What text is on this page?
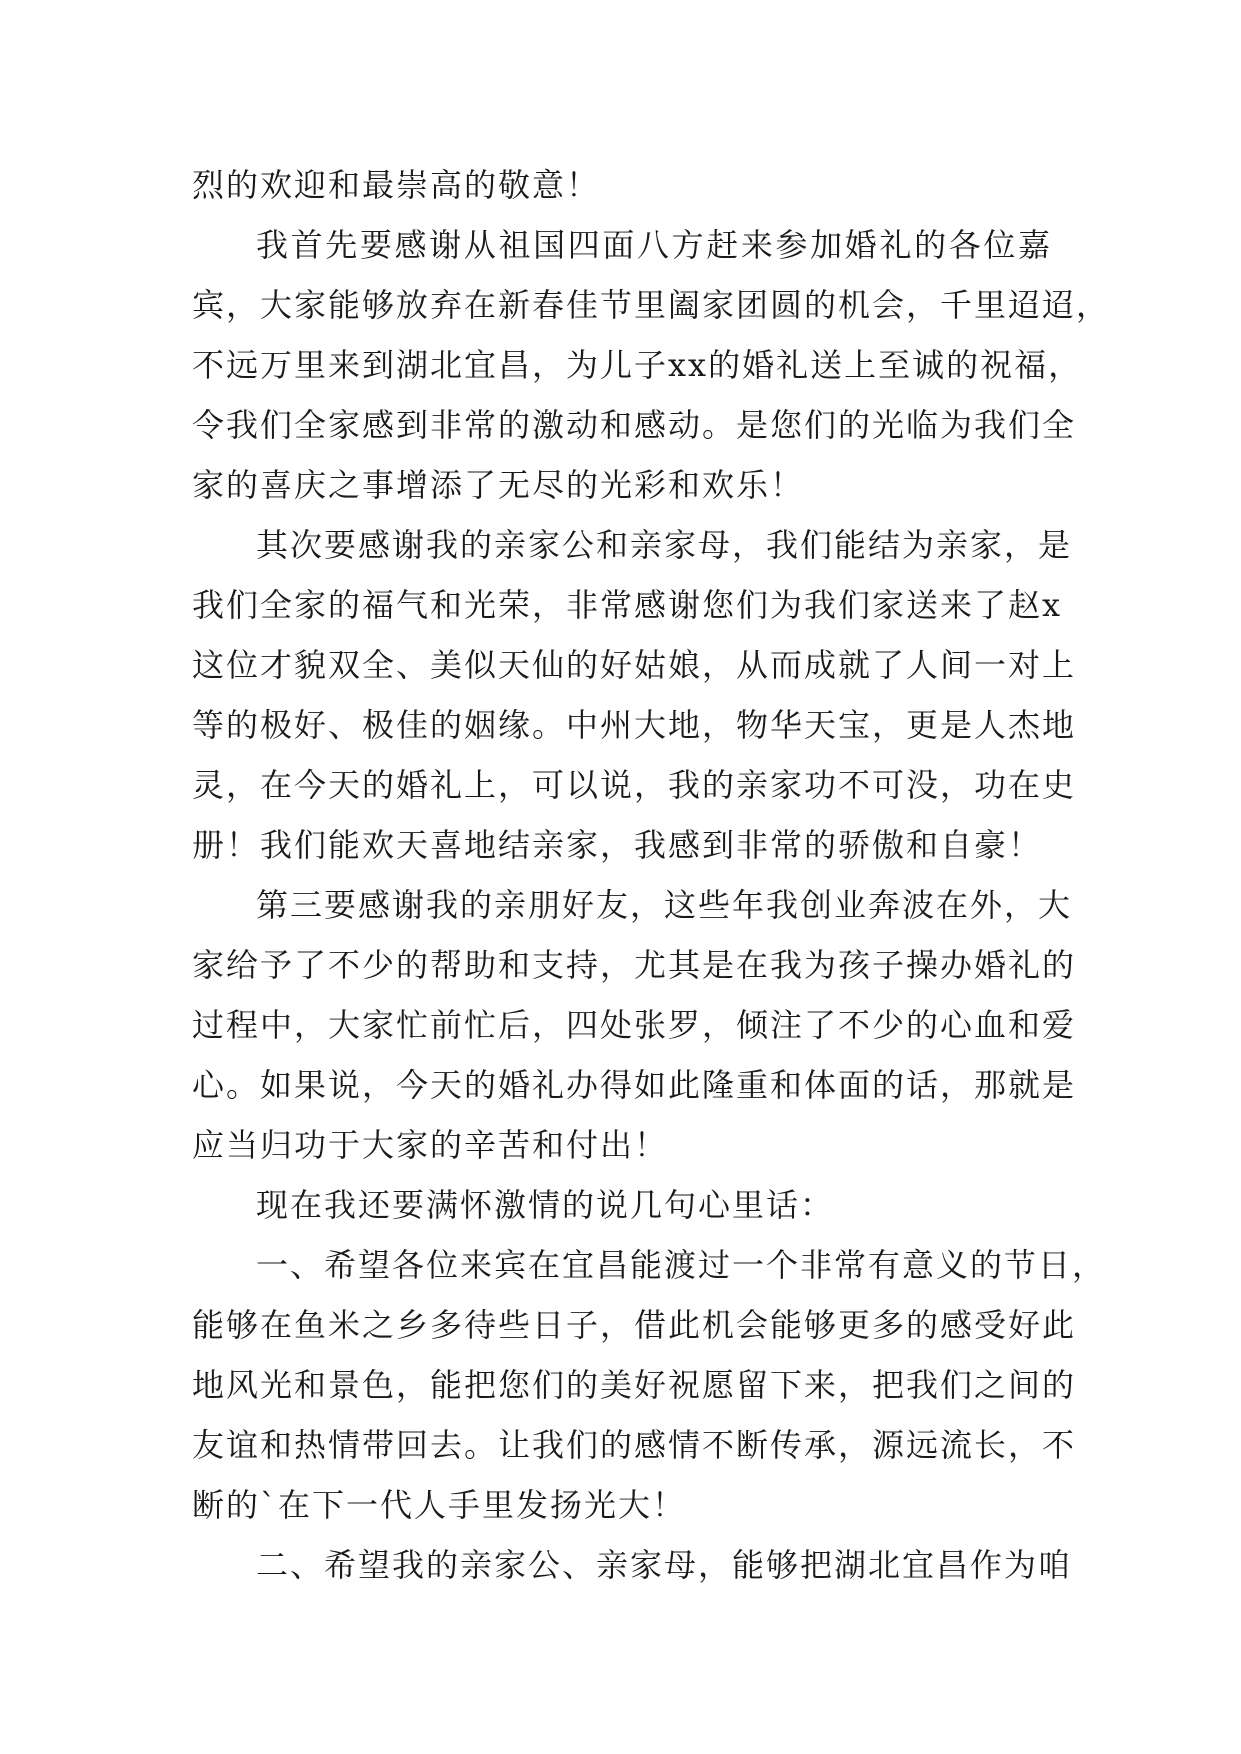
烈的欢迎和最崇高的敬意！
我首先要感谢从祖国四面八方赶来参加婚礼的各位嘉
宾，大家能够放弃在新春佳节里阖家团圆的机会，千里迢迢，
不远万里来到湖北宜昌，为儿子xx的婚礼送上至诚的祝福，
令我们全家感到非常的激动和感动。是您们的光临为我们全
家的喜庆之事增添了无尽的光彩和欢乐！
其次要感谢我的亲家公和亲家母，我们能结为亲家，是
我们全家的福气和光荣，非常感谢您们为我们家送来了赵x
这位才貌双全、美似天仙的好姑娘，从而成就了人间一对上
等的极好、极佳的姻缘。中州大地，物华天宝，更是人杰地
灵，在今天的婚礼上，可以说，我的亲家功不可没，功在史
册！我们能欢天喜地结亲家，我感到非常的骄傲和自豪！
第三要感谢我的亲朋好友，这些年我创业奔波在外，大
家给予了不少的帮助和支持，尤其是在我为孩子操办婚礼的
过程中，大家忙前忙后，四处张罗，倾注了不少的心血和爱
心。如果说，今天的婚礼办得如此隆重和体面的话，那就是
应当归功于大家的辛苦和付出！
现在我还要满怀激情的说几句心里话：
一、希望各位来宾在宜昌能渡过一个非常有意义的节日，
能够在鱼米之乡多待些日子，借此机会能够更多的感受好此
地风光和景色，能把您们的美好祝愿留下来，把我们之间的
友谊和热情带回去。让我们的感情不断传承，源远流长，不
断的`在下一代人手里发扬光大！
二、希望我的亲家公、亲家母，能够把湖北宜昌作为咱
